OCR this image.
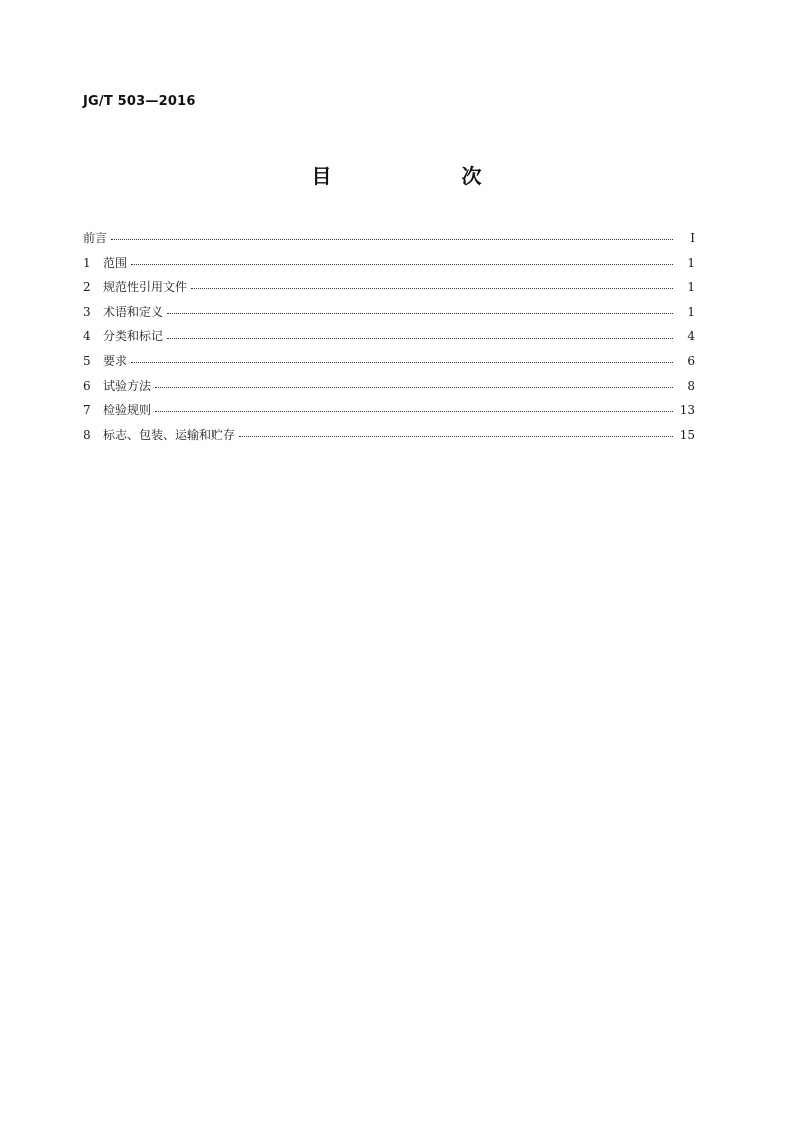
JG/T 503—2016
目　　次
前言	Ⅰ
1	范围	1
2	规范性引用文件	1
3	术语和定义	1
4	分类和标记	4
5	要求	6
6	试验方法	8
7	检验规则	13
8	标志、包装、运输和贮存	15
